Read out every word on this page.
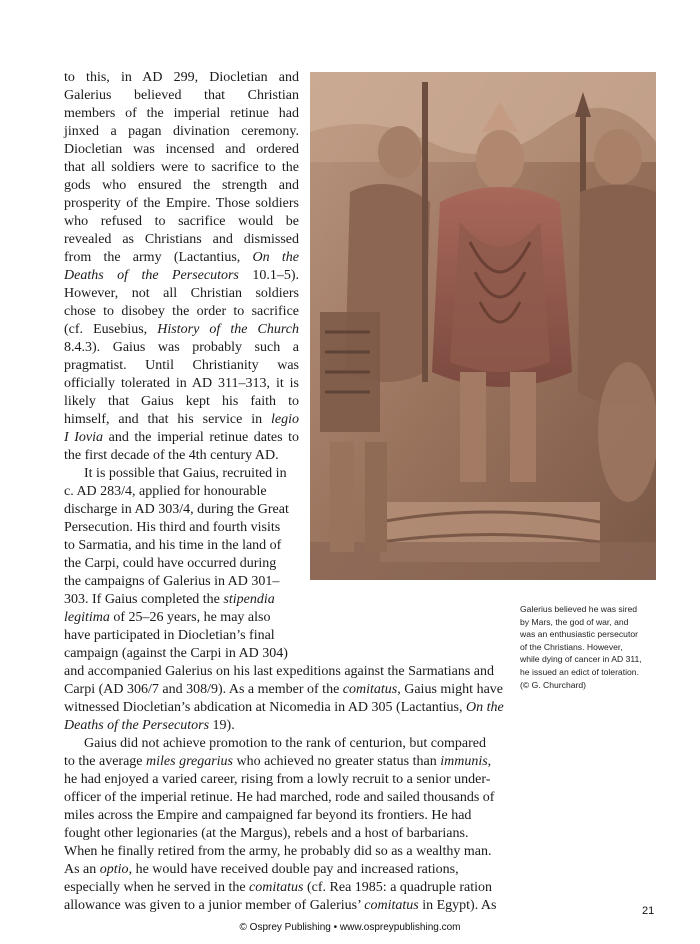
to this, in AD 299, Diocletian and

Galerius believed that Christian

members of the imperial retinue had

jinxed a pagan divination ceremony.

Diocletian was incensed and ordered

that all soldiers were to sacrifice to the

gods who ensured the strength and

prosperity of the Empire. Those soldiers

who refused to sacrifice would be

revealed as Christians and dismissed

from the army (Lactantius, On the

Deaths of the Persecutors 10.1–5).

However, not all Christian soldiers

chose to disobey the order to sacrifice

(cf. Eusebius, History of the Church

8.4.3). Gaius was probably such a

pragmatist. Until Christianity was

officially tolerated in AD 311–313, it is

likely that Gaius kept his faith to

himself, and that his service in legio

I Iovia and the imperial retinue dates to

the first decade of the 4th century AD.

It is possible that Gaius, recruited in

c. AD 283/4, applied for honourable

discharge in AD 303/4, during the Great

Persecution. His third and fourth visits

to Sarmatia, and his time in the land of

the Carpi, could have occurred during

the campaigns of Galerius in AD 301–

303. If Gaius completed the stipendia

legitima of 25–26 years, he may also

have participated in Diocletian’s final

campaign (against the Carpi in AD 304)

and accompanied Galerius on his last expeditions against the Sarmatians and

Carpi (AD 306/7 and 308/9). As a member of the comitatus, Gaius might have

witnessed Diocletian’s abdication at Nicomedia in AD 305 (Lactantius, On the

Deaths of the Persecutors 19).

Gaius did not achieve promotion to the rank of centurion, but compared

to the average miles gregarius who achieved no greater status than immunis,

he had enjoyed a varied career, rising from a lowly recruit to a senior under-

officer of the imperial retinue. He had marched, rode and sailed thousands of

miles across the Empire and campaigned far beyond its frontiers. He had

fought other legionaries (at the Margus), rebels and a host of barbarians.

When he finally retired from the army, he probably did so as a wealthy man.

As an optio, he would have received double pay and increased rations,

especially when he served in the comitatus (cf. Rea 1985: a quadruple ration

allowance was given to a junior member of Galerius’ comitatus in Egypt). As

Galerius believed he was sired
by Mars, the god of war, and
was an enthusiastic persecutor
of the Christians. However,
while dying of cancer in AD 311,
he issued an edict of toleration.
(© G. Churchard)
21
© Osprey Publishing • www.ospreypublishing.com
